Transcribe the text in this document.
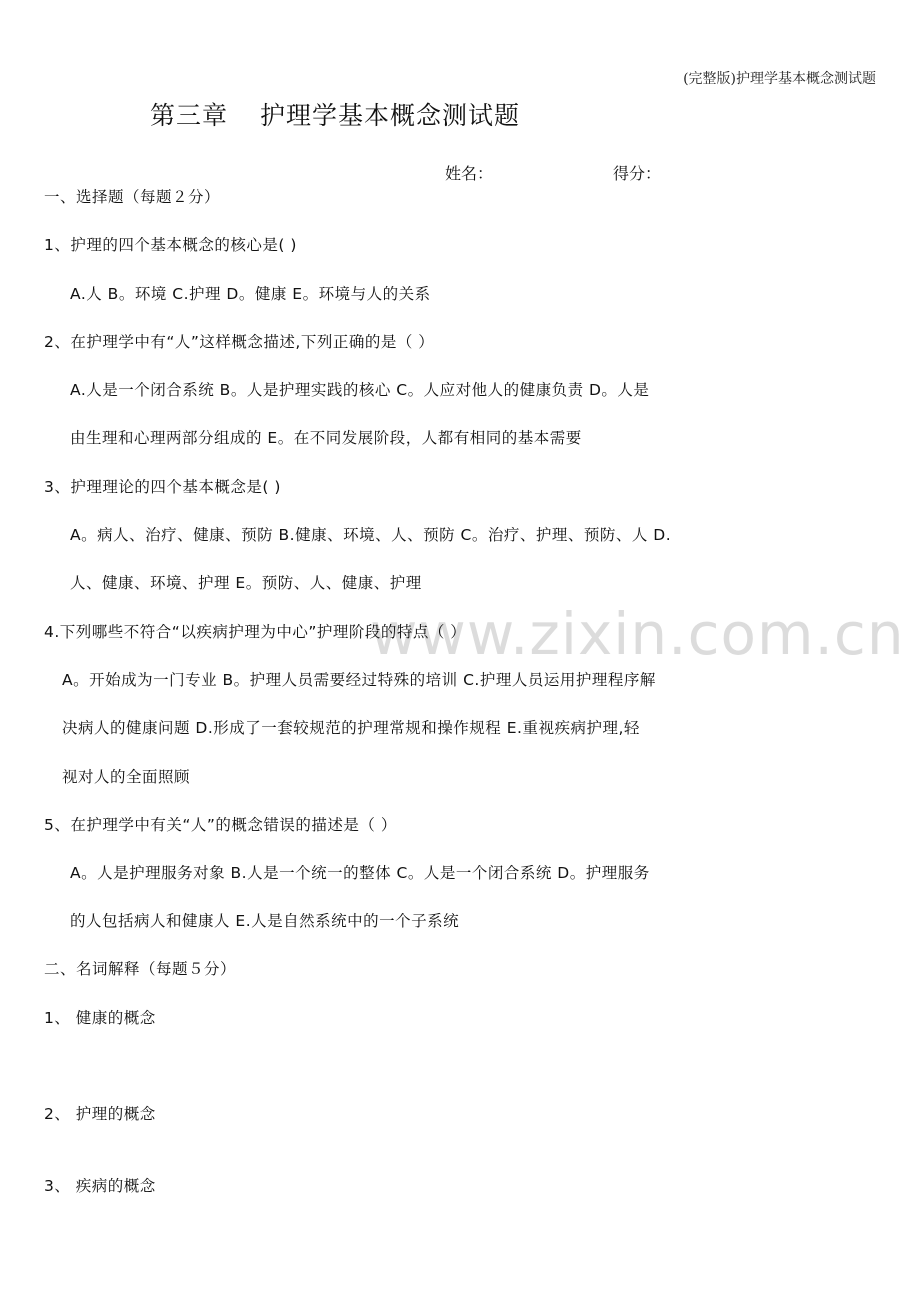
www.zixin.com.cn
(完整版)护理学基本概念测试题
第三章 护理学基本概念测试题
姓名：	得分：
一、选择题（每题２分）
1、护理的四个基本概念的核心是( )
A.人 B。环境 C.护理 D。健康 E。环境与人的关系
2、在护理学中有“人”这样概念描述,下列正确的是（ ）
A.人是一个闭合系统 B。人是护理实践的核心 C。人应对他人的健康负责 D。人是
由生理和心理两部分组成的 E。在不同发展阶段，人都有相同的基本需要
3、护理理论的四个基本概念是( )
A。病人、治疗、健康、预防 B.健康、环境、人、预防 C。治疗、护理、预防、人 D.
人、健康、环境、护理 E。预防、人、健康、护理
4.下列哪些不符合“以疾病护理为中心”护理阶段的特点（ ）
A。开始成为一门专业 B。护理人员需要经过特殊的培训 C.护理人员运用护理程序解
决病人的健康问题 D.形成了一套较规范的护理常规和操作规程 E.重视疾病护理,轻
视对人的全面照顾
5、在护理学中有关“人”的概念错误的描述是（ ）
A。人是护理服务对象 B.人是一个统一的整体 C。人是一个闭合系统 D。护理服务
的人包括病人和健康人 E.人是自然系统中的一个子系统
二、名词解释（每题５分）
1、 健康的概念
2、 护理的概念
3、 疾病的概念
